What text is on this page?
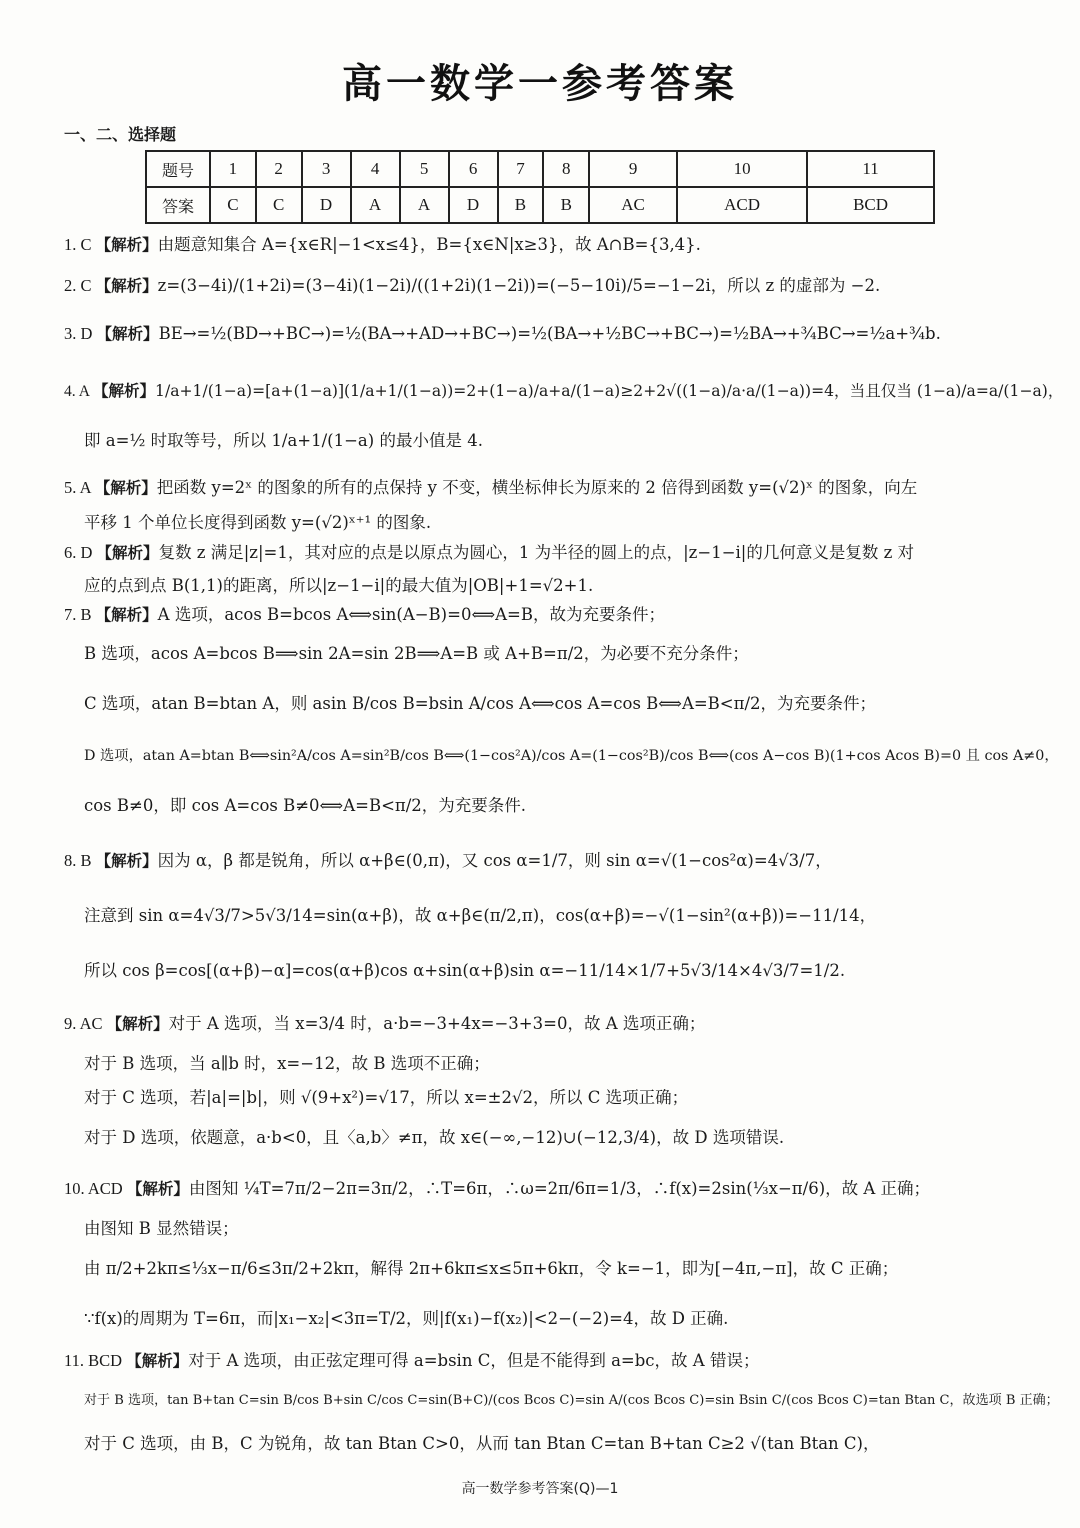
高一数学一参考答案
一、二、选择题
题号	1	2	3	4	5	6	7	8	9	10	11
答案	C	C	D	A	A	D	B	B	AC	ACD	BCD
1. C 【解析】由题意知集合 A={x∈R|−1<x≤4}，B={x∈N|x≥3}，故 A∩B={3,4}.
2. C 【解析】z=(3−4i)/(1+2i)=(3−4i)(1−2i)/((1+2i)(1−2i))=(−5−10i)/5=−1−2i，所以 z 的虚部为 −2.
3. D 【解析】BE→=½(BD→+BC→)=½(BA→+AD→+BC→)=½(BA→+½BC→+BC→)=½BA→+¾BC→=½a+¾b.
4. A 【解析】1/a+1/(1−a)=[a+(1−a)](1/a+1/(1−a))=2+(1−a)/a+a/(1−a)≥2+2√((1−a)/a·a/(1−a))=4，当且仅当 (1−a)/a=a/(1−a)，
即 a=½ 时取等号，所以 1/a+1/(1−a) 的最小值是 4.
5. A 【解析】把函数 y=2ˣ 的图象的所有的点保持 y 不变，横坐标伸长为原来的 2 倍得到函数 y=(√2)ˣ 的图象，向左
平移 1 个单位长度得到函数 y=(√2)ˣ⁺¹ 的图象.
6. D 【解析】复数 z 满足|z|=1，其对应的点是以原点为圆心，1 为半径的圆上的点，|z−1−i|的几何意义是复数 z 对
应的点到点 B(1,1)的距离，所以|z−1−i|的最大值为|OB|+1=√2+1.
7. B 【解析】A 选项，acos B=bcos A⟺sin(A−B)=0⟺A=B，故为充要条件；
B 选项，acos A=bcos B⟹sin 2A=sin 2B⟹A=B 或 A+B=π/2，为必要不充分条件；
C 选项，atan B=btan A，则 asin B/cos B=bsin A/cos A⟺cos A=cos B⟺A=B<π/2，为充要条件；
D 选项，atan A=btan B⟺sin²A/cos A=sin²B/cos B⟺(1−cos²A)/cos A=(1−cos²B)/cos B⟺(cos A−cos B)(1+cos Acos B)=0 且 cos A≠0，
cos B≠0，即 cos A=cos B≠0⟺A=B<π/2，为充要条件.
8. B 【解析】因为 α，β 都是锐角，所以 α+β∈(0,π)，又 cos α=1/7，则 sin α=√(1−cos²α)=4√3/7，
注意到 sin α=4√3/7>5√3/14=sin(α+β)，故 α+β∈(π/2,π)，cos(α+β)=−√(1−sin²(α+β))=−11/14，
所以 cos β=cos[(α+β)−α]=cos(α+β)cos α+sin(α+β)sin α=−11/14×1/7+5√3/14×4√3/7=1/2.
9. AC 【解析】对于 A 选项，当 x=3/4 时，a·b=−3+4x=−3+3=0，故 A 选项正确；
对于 B 选项，当 a∥b 时，x=−12，故 B 选项不正确；
对于 C 选项，若|a|=|b|，则 √(9+x²)=√17，所以 x=±2√2，所以 C 选项正确；
对于 D 选项，依题意，a·b<0，且〈a,b〉≠π，故 x∈(−∞,−12)∪(−12,3/4)，故 D 选项错误.
10. ACD 【解析】由图知 ¼T=7π/2−2π=3π/2，∴T=6π，∴ω=2π/6π=1/3，∴f(x)=2sin(⅓x−π/6)，故 A 正确；
由图知 B 显然错误；
由 π/2+2kπ≤⅓x−π/6≤3π/2+2kπ，解得 2π+6kπ≤x≤5π+6kπ，令 k=−1，即为[−4π,−π]，故 C 正确；
∵f(x)的周期为 T=6π，而|x₁−x₂|<3π=T/2，则|f(x₁)−f(x₂)|<2−(−2)=4，故 D 正确.
11. BCD 【解析】对于 A 选项，由正弦定理可得 a=bsin C，但是不能得到 a=bc，故 A 错误；
对于 B 选项，tan B+tan C=sin B/cos B+sin C/cos C=sin(B+C)/(cos Bcos C)=sin A/(cos Bcos C)=sin Bsin C/(cos Bcos C)=tan Btan C，故选项 B 正确；
对于 C 选项，由 B，C 为锐角，故 tan Btan C>0，从而 tan Btan C=tan B+tan C≥2 √(tan Btan C)，
高一数学参考答案(Q)—1
